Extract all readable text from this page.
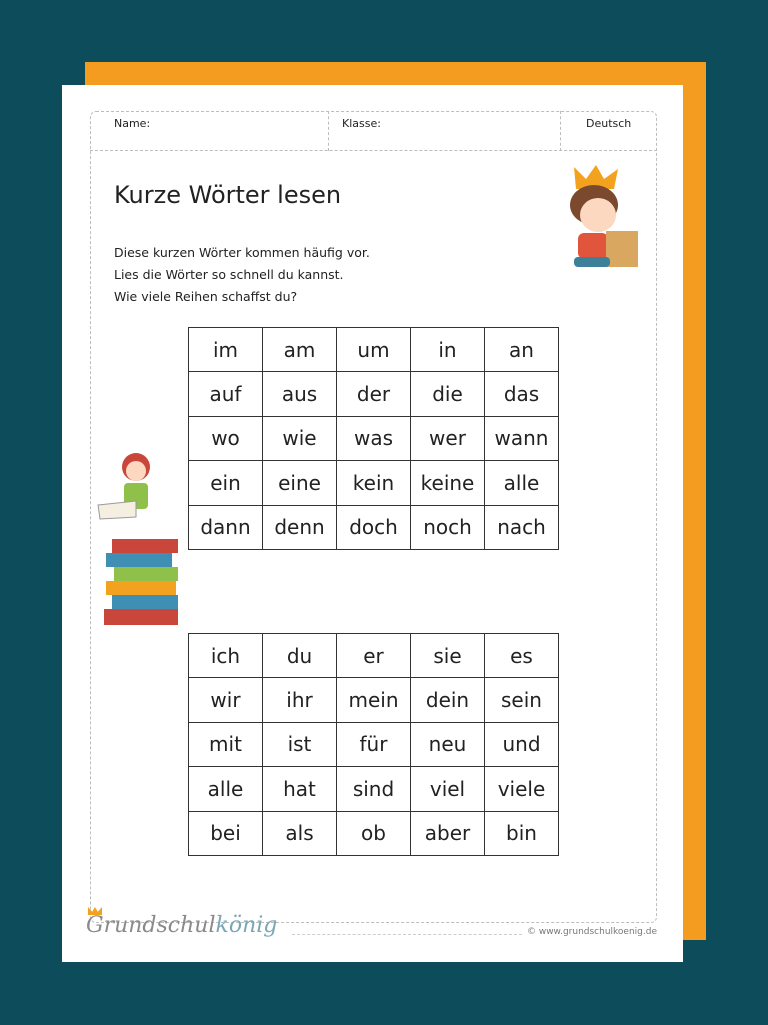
Name:	Klasse:	Deutsch
Kurze Wörter lesen
Diese kurzen Wörter kommen häufig vor.
Lies die Wörter so schnell du kannst.
Wie viele Reihen schaffst du?
im	am	um	in	an
auf	aus	der	die	das
wo	wie	was	wer	wann
ein	eine	kein	keine	alle
dann	denn	doch	noch	nach
ich	du	er	sie	es
wir	ihr	mein	dein	sein
mit	ist	für	neu	und
alle	hat	sind	viel	viele
bei	als	ob	aber	bin
Grundschulkönig	© www.grundschulkoenig.de
